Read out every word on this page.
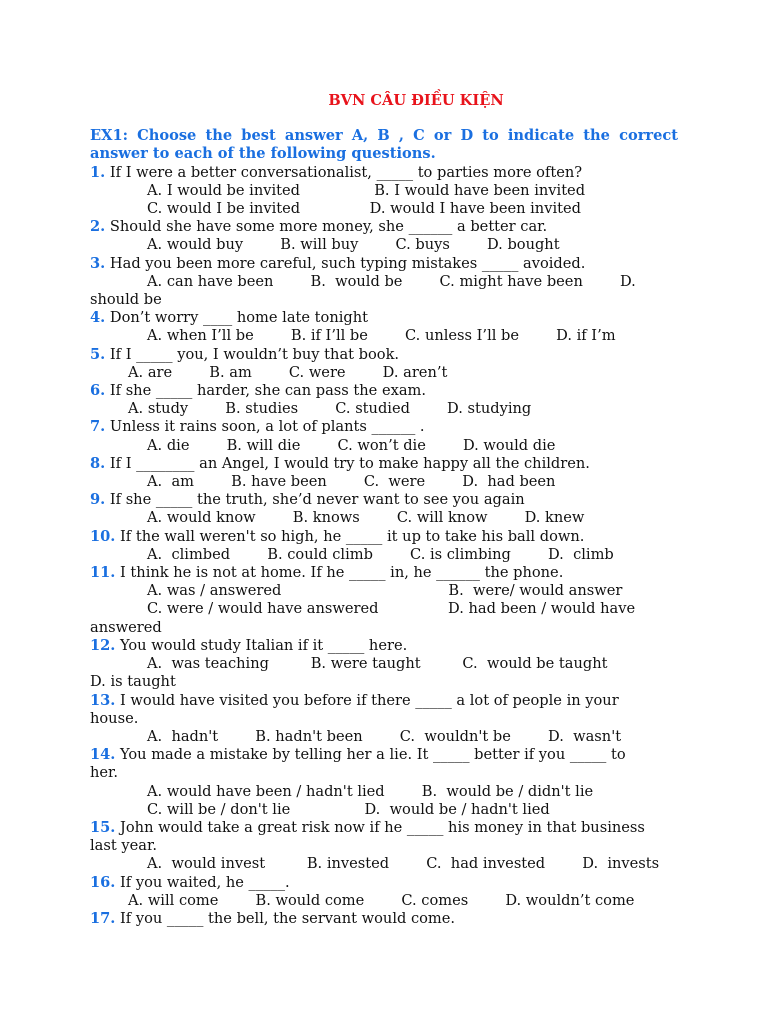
BVN CÂU ĐIỀU KIỆN
EX1: Choose the best answer A, B , C or D to indicate the correct answer to each of the following questions.
1. If I were a better conversationalist, _____ to parties more often?
A. I would be invited                B. I would have been invited
C. would I be invited               D. would I have been invited
2. Should she have some more money, she ______ a better car.
A. would buy        B. will buy        C. buys        D. bought
3. Had you been more careful, such typing mistakes _____ avoided.
A. can have been        B.  would be        C. might have been        D.
should be
4. Don’t worry ____ home late tonight
A. when I’ll be        B. if I’ll be        C. unless I’ll be        D. if I’m
5. If I _____ you, I wouldn’t buy that book.
A. are        B. am        C. were        D. aren’t
6. If she _____ harder, she can pass the exam.
A. study        B. studies        C. studied        D. studying
7. Unless it rains soon, a lot of plants ______ .
A. die        B. will die        C. won’t die        D. would die
8. If I ________ an Angel, I would try to make happy all the children.
A.  am        B. have been        C.  were        D.  had been
9. If she _____ the truth, she’d never want to see you again
A. would know        B. knows        C. will know        D. knew
10. If the wall weren't so high, he _____ it up to take his ball down.
A.  climbed        B. could climb        C. is climbing        D.  climb
11. I think he is not at home. If he _____ in, he ______ the phone.
A. was / answered                                    B.  were/ would answer
C. were / would have answered               D. had been / would have
answered
12. You would study Italian if it _____ here.
A.  was teaching         B. were taught         C.  would be taught
D. is taught
13. I would have visited you before if there _____ a lot of people in your
house.
A.  hadn't        B. hadn't been        C.  wouldn't be        D.  wasn't
14. You made a mistake by telling her a lie. It _____ better if you _____ to
her.
A. would have been / hadn't lied        B.  would be / didn't lie
C. will be / don't lie                D.  would be / hadn't lied
15. John would take a great risk now if he _____ his money in that business
last year.
A.  would invest         B. invested        C.  had invested        D.  invests
16. If you waited, he _____.
A. will come        B. would come        C. comes        D. wouldn’t come
17. If you _____ the bell, the servant would come.
